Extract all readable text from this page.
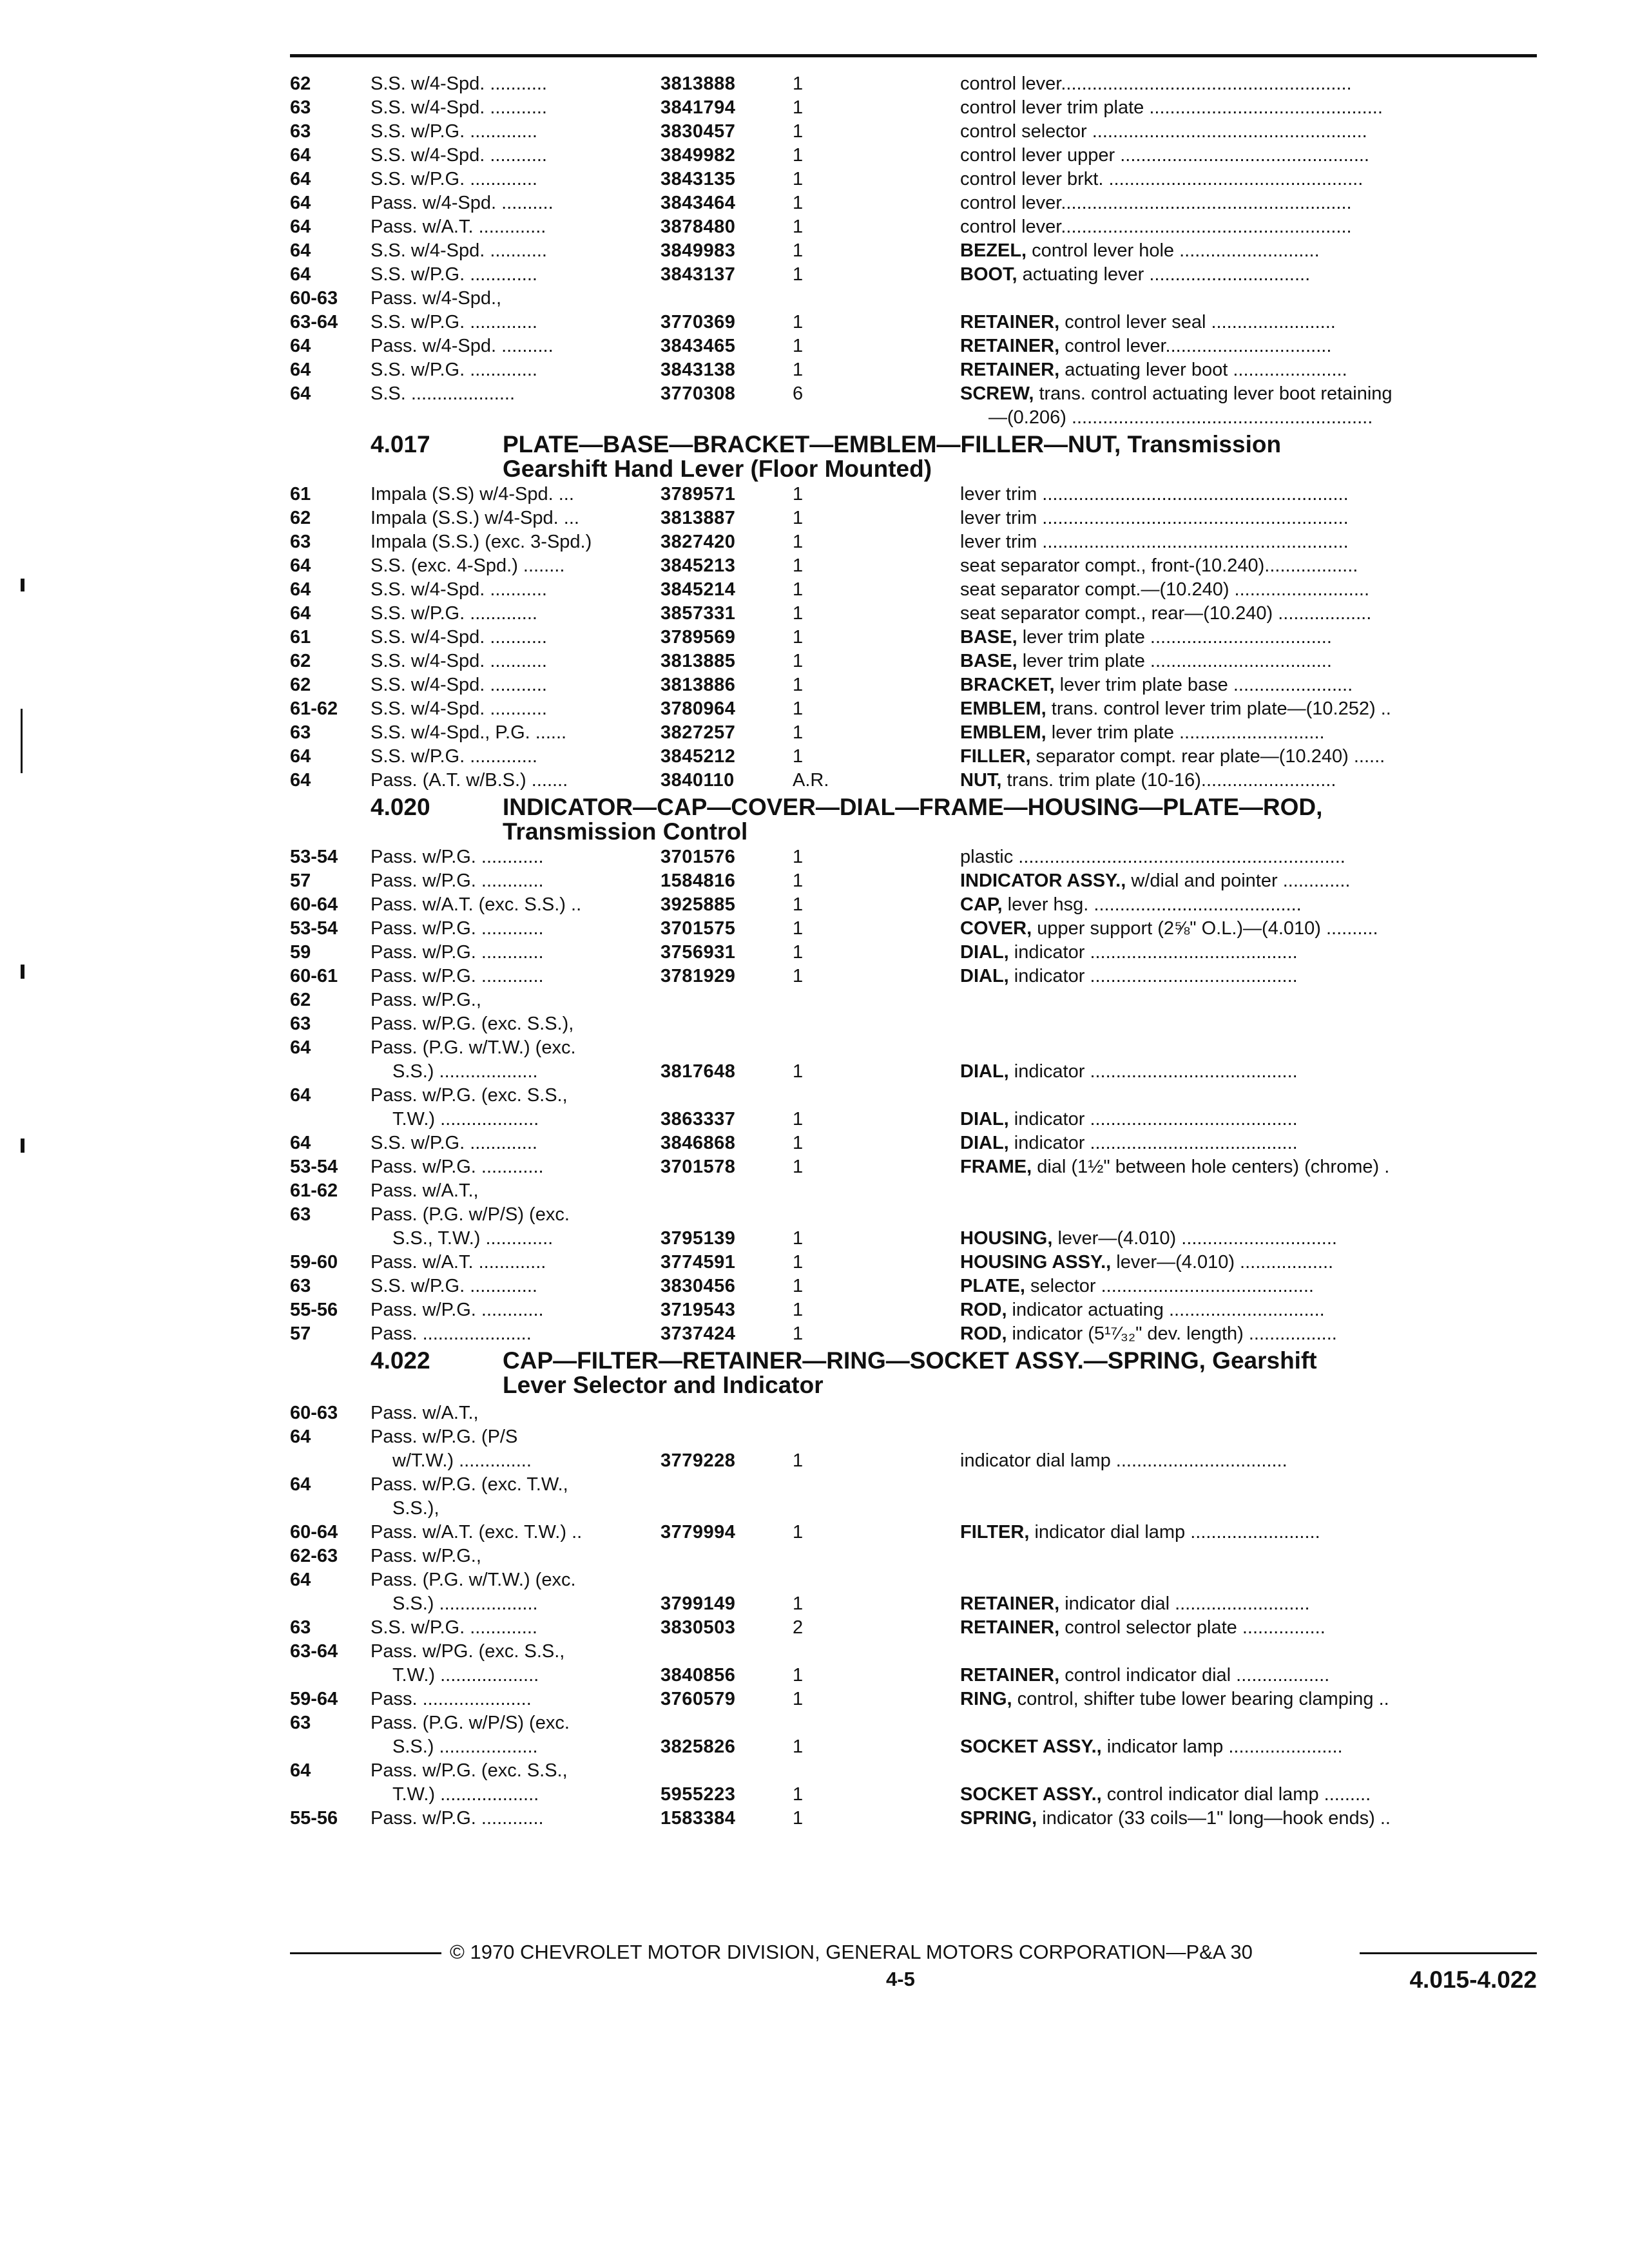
62	S.S. w/4-Spd. ...........	3813888	1	control lever........................................................
63	S.S. w/4-Spd. ...........	3841794	1	control lever trim plate .............................................
63	S.S. w/P.G. .............	3830457	1	control selector .....................................................
64	S.S. w/4-Spd. ...........	3849982	1	control lever upper ................................................
64	S.S. w/P.G. .............	3843135	1	control lever brkt. .................................................
64	Pass. w/4-Spd. ..........	3843464	1	control lever........................................................
64	Pass. w/A.T. .............	3878480	1	control lever........................................................
64	S.S. w/4-Spd. ...........	3849983	1	BEZEL, control lever hole ...........................
64	S.S. w/P.G. .............	3843137	1	BOOT, actuating lever ...............................
60-63	Pass. w/4-Spd.,
63-64	S.S. w/P.G. .............	3770369	1	RETAINER, control lever seal ........................
64	Pass. w/4-Spd. ..........	3843465	1	RETAINER, control lever................................
64	S.S. w/P.G. .............	3843138	1	RETAINER, actuating lever boot ......................
64	S.S. ....................	3770308	6	SCREW, trans. control actuating lever boot retaining
—(0.206) ..........................................................
4.017	PLATE—BASE—BRACKET—EMBLEM—FILLER—NUT, Transmission
Gearshift Hand Lever (Floor Mounted)
61	Impala (S.S) w/4-Spd. ...	3789571	1	lever trim ...........................................................
62	Impala (S.S.) w/4-Spd. ...	3813887	1	lever trim ...........................................................
63	Impala (S.S.) (exc. 3-Spd.)	3827420	1	lever trim ...........................................................
64	S.S. (exc. 4-Spd.) ........	3845213	1	seat separator compt., front-(10.240)..................
64	S.S. w/4-Spd. ...........	3845214	1	seat separator compt.—(10.240) ..........................
64	S.S. w/P.G. .............	3857331	1	seat separator compt., rear—(10.240) ..................
61	S.S. w/4-Spd. ...........	3789569	1	BASE, lever trim plate ...................................
62	S.S. w/4-Spd. ...........	3813885	1	BASE, lever trim plate ...................................
62	S.S. w/4-Spd. ...........	3813886	1	BRACKET, lever trim plate base .......................
61-62	S.S. w/4-Spd. ...........	3780964	1	EMBLEM, trans. control lever trim plate—(10.252) ..
63	S.S. w/4-Spd., P.G. ......	3827257	1	EMBLEM, lever trim plate ............................
64	S.S. w/P.G. .............	3845212	1	FILLER, separator compt. rear plate—(10.240) ......
64	Pass. (A.T. w/B.S.) .......	3840110	A.R.	NUT, trans. trim plate (10-16)..........................
4.020	INDICATOR—CAP—COVER—DIAL—FRAME—HOUSING—PLATE—ROD,
Transmission Control
53-54	Pass. w/P.G. ............	3701576	1	plastic ...............................................................
57	Pass. w/P.G. ............	1584816	1	INDICATOR ASSY., w/dial and pointer .............
60-64	Pass. w/A.T. (exc. S.S.) ..	3925885	1	CAP, lever hsg. ........................................
53-54	Pass. w/P.G. ............	3701575	1	COVER, upper support (2⅝" O.L.)—(4.010) ..........
59	Pass. w/P.G. ............	3756931	1	DIAL, indicator ........................................
60-61	Pass. w/P.G. ............	3781929	1	DIAL, indicator ........................................
62	Pass. w/P.G.,
63	Pass. w/P.G. (exc. S.S.),
64	Pass. (P.G. w/T.W.) (exc.
S.S.) ...................	3817648	1	DIAL, indicator ........................................
64	Pass. w/P.G. (exc. S.S.,
T.W.) ...................	3863337	1	DIAL, indicator ........................................
64	S.S. w/P.G. .............	3846868	1	DIAL, indicator ........................................
53-54	Pass. w/P.G. ............	3701578	1	FRAME, dial (1½" between hole centers) (chrome) .
61-62	Pass. w/A.T.,
63	Pass. (P.G. w/P/S) (exc.
S.S., T.W.) .............	3795139	1	HOUSING, lever—(4.010) ..............................
59-60	Pass. w/A.T. .............	3774591	1	HOUSING ASSY., lever—(4.010) ..................
63	S.S. w/P.G. .............	3830456	1	PLATE, selector .........................................
55-56	Pass. w/P.G. ............	3719543	1	ROD, indicator actuating ..............................
57	Pass. .....................	3737424	1	ROD, indicator (5¹⁷⁄₃₂" dev. length) .................
4.022	CAP—FILTER—RETAINER—RING—SOCKET ASSY.—SPRING, Gearshift
Lever Selector and Indicator
60-63	Pass. w/A.T.,
64	Pass. w/P.G. (P/S
w/T.W.) ..............	3779228	1	indicator dial lamp .................................
64	Pass. w/P.G. (exc. T.W.,
S.S.),
60-64	Pass. w/A.T. (exc. T.W.) ..	3779994	1	FILTER, indicator dial lamp .........................
62-63	Pass. w/P.G.,
64	Pass. (P.G. w/T.W.) (exc.
S.S.) ...................	3799149	1	RETAINER, indicator dial ..........................
63	S.S. w/P.G. .............	3830503	2	RETAINER, control selector plate ................
63-64	Pass. w/PG. (exc. S.S.,
T.W.) ...................	3840856	1	RETAINER, control indicator dial ..................
59-64	Pass. .....................	3760579	1	RING, control, shifter tube lower bearing clamping ..
63	Pass. (P.G. w/P/S) (exc.
S.S.) ...................	3825826	1	SOCKET ASSY., indicator lamp ......................
64	Pass. w/P.G. (exc. S.S.,
T.W.) ...................	5955223	1	SOCKET ASSY., control indicator dial lamp .........
55-56	Pass. w/P.G. ............	1583384	1	SPRING, indicator (33 coils—1" long—hook ends) ..
© 1970 CHEVROLET MOTOR DIVISION, GENERAL MOTORS CORPORATION—P&A 30
4-5	4.015-4.022
